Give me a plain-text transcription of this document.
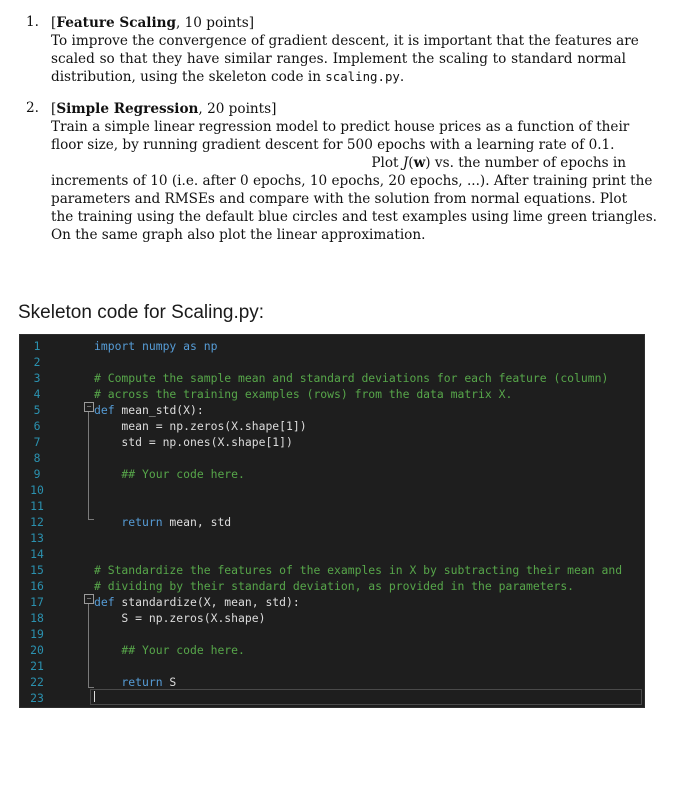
1. [Feature Scaling, 10 points]
To improve the convergence of gradient descent, it is important that the features are
scaled so that they have similar ranges. Implement the scaling to standard normal
distribution, using the skeleton code in scaling.py.
2. [Simple Regression, 20 points]
Train a simple linear regression model to predict house prices as a function of their
floor size, by running gradient descent for 500 epochs with a learning rate of 0.1.
Plot J(w) vs. the number of epochs in
increments of 10 (i.e. after 0 epochs, 10 epochs, 20 epochs, ...). After training print the
parameters and RMSEs and compare with the solution from normal equations. Plot
the training using the default blue circles and test examples using lime green triangles.
On the same graph also plot the linear approximation.
Skeleton code for Scaling.py:
1	import numpy as np
2
3	# Compute the sample mean and standard deviations for each feature (column)
4	# across the training examples (rows) from the data matrix X.
5	def mean_std(X):
6	mean = np.zeros(X.shape[1])
7	std = np.ones(X.shape[1])
8
9	## Your code here.
10
11
12	return mean, std
13
14
15	# Standardize the features of the examples in X by subtracting their mean and
16	# dividing by their standard deviation, as provided in the parameters.
17	def standardize(X, mean, std):
18	S = np.zeros(X.shape)
19
20	## Your code here.
21
22	return S
23
−
−
